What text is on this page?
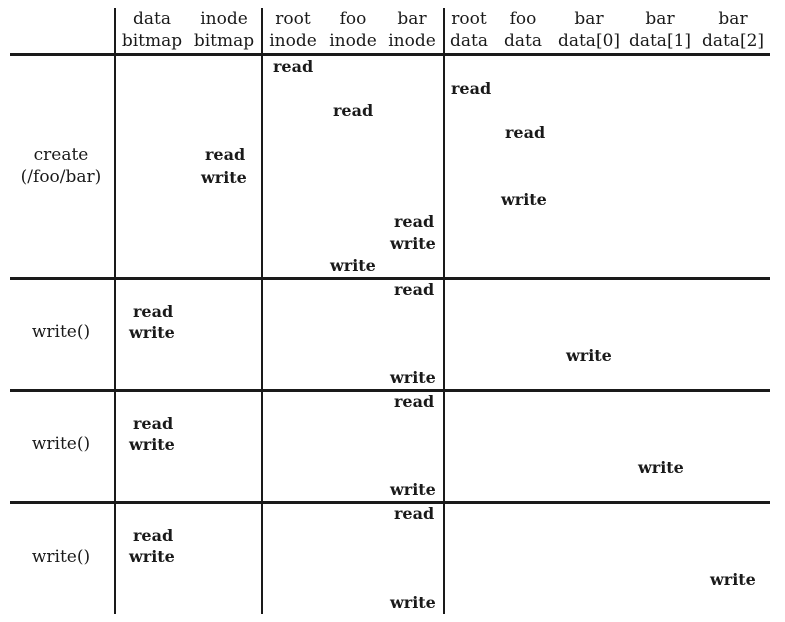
data
bitmap
inode
bitmap
root
inode
foo
inode
bar
inode
root
data
foo
data
bar
data[0]
bar
data[1]
bar
data[2]
create
(/foo/bar)
write()
write()
write()
read
read
read
read
read
write
write
read
write
write
read
read
write
write
write
read
read
write
write
write
read
read
write
write
write
